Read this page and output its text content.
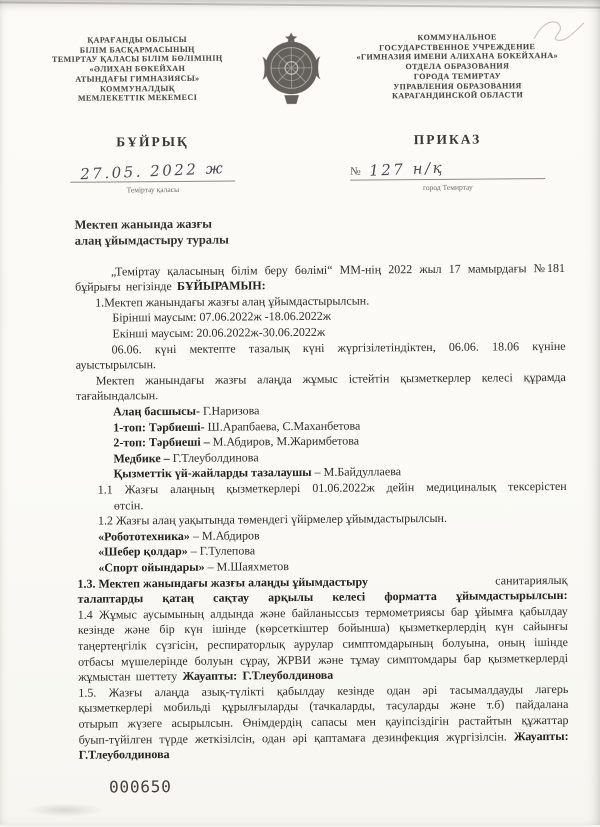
ҚАРАҒАНДЫ ОБЛЫСЫ
БІЛІМ БАСҚАРМАСЫНЫҢ
ТЕМІРТАУ ҚАЛАСЫ БІЛІМ БӨЛІМІНІҢ
«ӘЛИХАН БӨКЕЙХАН
АТЫНДАҒЫ ГИМНАЗИЯСЫ»
КОММУНАЛДЫҚ
МЕМЛЕКЕТТІК МЕКЕМЕСІ
КОММУНАЛЬНОЕ
ГОСУДАРСТВЕННОЕ УЧРЕЖДЕНИЕ
«ГИМНАЗИЯ ИМЕНИ АЛИХАНА БОКЕЙХАНА»
ОТДЕЛА ОБРАЗОВАНИЯ
ГОРОДА ТЕМИРТАУ
УПРАВЛЕНИЯ ОБРАЗОВАНИЯ
КАРАГАНДИНСКОЙ ОБЛАСТИ
БҰЙРЫҚ
27.05. 2022 ж
Теміртау қаласы
ПРИКАЗ
№ 127 н/қ
город Темиртау
Мектеп жанында жазғы
алаң ұйымдастыру туралы

„Теміртау қаласының білім беру бөлімі“ ММ-нің 2022 жыл 17 мамырдағы №181 бұйрығы негізінде БҰЙЫРАМЫН:

1.Мектеп жанындағы жазғы алаң ұйымдастырылсын.

Бірінші маусым: 07.06.2022ж -18.06.2022ж

Екінші маусым: 20.06.2022ж-30.06.2022ж

06.06. күні мектепте тазалық күні жүргізілетіндіктен, 06.06. 18.06 күніне ауыстырылсын.

Мектеп жанындағы жазғы алаңда жұмыс істейтін қызметкерлер келесі құрамда тағайындалсын.

Алаң басшысы- Г.Наризова

1-топ: Тәрбиеші- Ш.Арапбаева, С.Маханбетова

2-топ: Тәрбиеші – М.Абдиров, М.Жаримбетова

Медбике – Г.Тлеуболдинова

Қызметтік үй-жайларды тазалаушы – М.Байдуллаева

1.1 Жазғы алаңның қызметкерлері 01.06.2022ж дейін медициналық тексерістен

өтсін.

1.2 Жазғы алаң уақытында төмендегі үйірмелер ұйымдастырылсын.

«Робототехника» – М.Абдиров

«Шебер қолдар» – Г.Тулепова

«Спорт ойындары» – М.Шаяхметов

1.3. Мектеп жанындағы жазғы алаңды ұйымдастыру	санитариялық
талаптарды қатаң сақтау арқылы келесі форматта ұйымдастырылсын:

1.4 Жұмыс аусымының алдында және байланыссыз термометриясы бар ұйымға қабылдау кезінде және бір күн ішінде (көрсеткіштер бойынша) қызметкерлердің күн сайынғы таңертеңгілік сүзгісін, респираторлық аурулар симптомдарының болуына, оның ішінде отбасы мүшелерінде болуын сұрау, ЖРВИ және тұмау симптомдары бар қызметкерлерді жұмыстан шеттету Жауапты: Г.Тлеуболдинова

1.5. Жазғы алаңда азық-түлікті қабылдау кезінде одан әрі тасымалдауды лагерь қызметкерлері мобильді құрылғыларды (тачкаларды, тасуларды және т.б) пайдалана отырып жүзеге асырылсын. Өнімдердің сапасы мен қауіпсіздігін растайтын құжаттар буып-түйілген түрде жеткізілсін, одан әрі қаптамаға дезинфекция жүргізілсін. Жауапты: Г.Тлеуболдинова

000650
